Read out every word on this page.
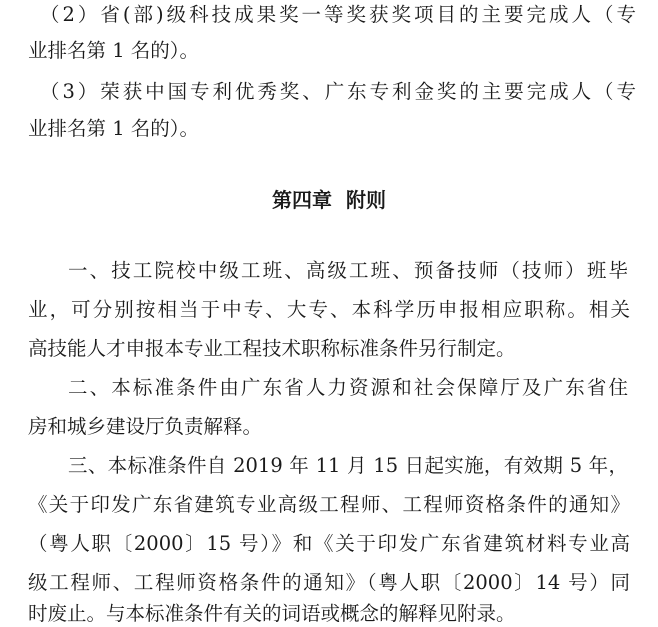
（2）省(部)级科技成果奖一等奖获奖项目的主要完成人（专
业排名第 1 名的）。
（3）荣获中国专利优秀奖、广东专利金奖的主要完成人（专
业排名第 1 名的）。
第四章  附则
一、技工院校中级工班、高级工班、预备技师（技师）班毕
业，可分别按相当于中专、大专、本科学历申报相应职称。相关
高技能人才申报本专业工程技术职称标准条件另行制定。
二、本标准条件由广东省人力资源和社会保障厅及广东省住
房和城乡建设厅负责解释。
三、本标准条件自 2019 年 11 月 15 日起实施，有效期 5 年，
《关于印发广东省建筑专业高级工程师、工程师资格条件的通知》
（粤人职〔2000〕15 号）》和《关于印发广东省建筑材料专业高
级工程师、工程师资格条件的通知》（粤人职〔2000〕14 号）同
时废止。与本标准条件有关的词语或概念的解释见附录。
